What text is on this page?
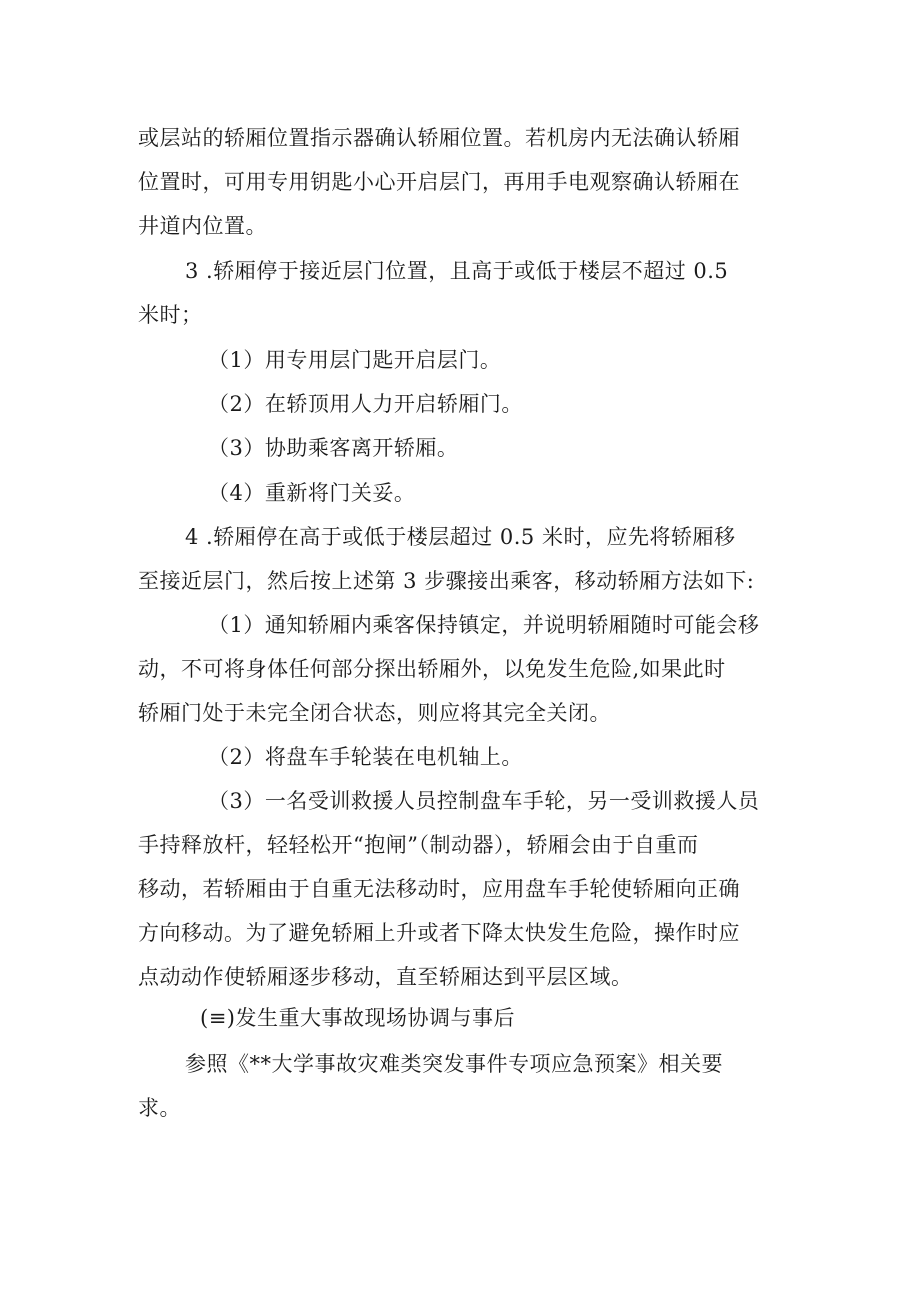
或层站的轿厢位置指示器确认轿厢位置。若机房内无法确认轿厢
位置时，可用专用钥匙小心开启层门，再用手电观察确认轿厢在
井道内位置。
3 .轿厢停于接近层门位置，且高于或低于楼层不超过 0.5
米时；
（1）用专用层门匙开启层门。
（2）在轿顶用人力开启轿厢门。
（3）协助乘客离开轿厢。
（4）重新将门关妥。
4 .轿厢停在高于或低于楼层超过 0.5 米时，应先将轿厢移
至接近层门，然后按上述第 3 步骤接出乘客，移动轿厢方法如下:
（1）通知轿厢内乘客保持镇定，并说明轿厢随时可能会移
动，不可将身体任何部分探出轿厢外，以免发生危险,如果此时
轿厢门处于未完全闭合状态，则应将其完全关闭。
（2）将盘车手轮装在电机轴上。
（3）一名受训救援人员控制盘车手轮，另一受训救援人员
手持释放杆，轻轻松开“抱闸”（制动器），轿厢会由于自重而
移动，若轿厢由于自重无法移动时，应用盘车手轮使轿厢向正确
方向移动。为了避免轿厢上升或者下降太快发生危险，操作时应
点动动作使轿厢逐步移动，直至轿厢达到平层区域。
(≡)发生重大事故现场协调与事后
参照《**大学事故灾难类突发事件专项应急预案》相关要
求。
